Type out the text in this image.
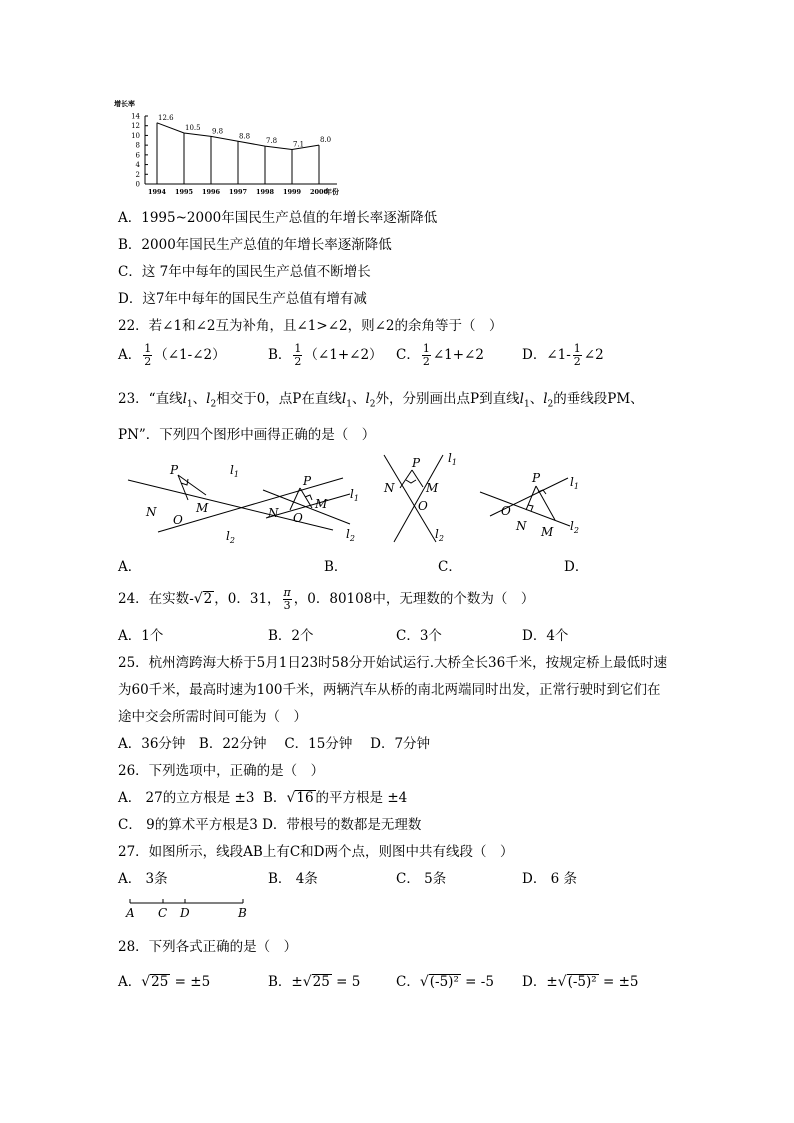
增长率
14
12
10
8
6
4
2
0
12.6
10.5 9.8
8.8
7.8 7.1
8.0
1994 1995 1996 1997 1998 1999 2000
年份
A．1995~2000年国民生产总值的年增长率逐渐降低
B．2000年国民生产总值的年增长率逐渐降低
C．这 7年中每年的国民生产总值不断增长
D．这7年中每年的国民生产总值有增有减
22．若∠1和∠2互为补角，且∠1>∠2，则∠2的余角等于（　）
A． $\frac{1}{2}$ （∠1-∠2）	B． $\frac{1}{2}$ （∠1+∠2） C． $\frac{1}{2}$ ∠1+∠2	D．∠1- $\frac{1}{2}$ ∠2
23．“直线$l_1$、$l_2$相交于0，点P在直线$l_1$、$l_2$外，分别画出点P到直线$l_1$、$l_2$的垂线段PM、
PN”．下列四个图形中画得正确的是（　）
P
M
N
O
$l_1$
$l_2$
P
M
N O
$l_1$
$l_2$
P
M
N
O
$l_1$
$l_2$
P
M
N
O
$l_1$
$l_2$
A．	B．	C．	D．
24．在实数-√2 ，0．31， $\frac{\pi}{3}$ ，0．80108中，无理数的个数为（　）
A．1个	B．2个	C．3个	D．4个
25．杭州湾跨海大桥于5月1日23时58分开始试运行.大桥全长36千米，按规定桥上最低时速
为60千米，最高时速为100千米，两辆汽车从桥的南北两端同时出发，正常行驶时到它们在
途中交会所需时间可能为（　）
A．36分钟　B．22分钟　 C．15分钟　 D．7分钟
26．下列选项中，正确的是（　）
A． 27的立方根是 ±3 B．√16 的平方根是 ±4
C． 9的算术平方根是3 D．带根号的数都是无理数
27．如图所示，线段AB上有C和D两个点，则图中共有线段（　）
A． 3条	B． 4条	C． 5条	D． 6 条
A C D	B
28．下列各式正确的是（　）
A．√25 = ±5	B．±√25 = 5	C．√(-5)² = -5 D．±√(-5)² = ±5
